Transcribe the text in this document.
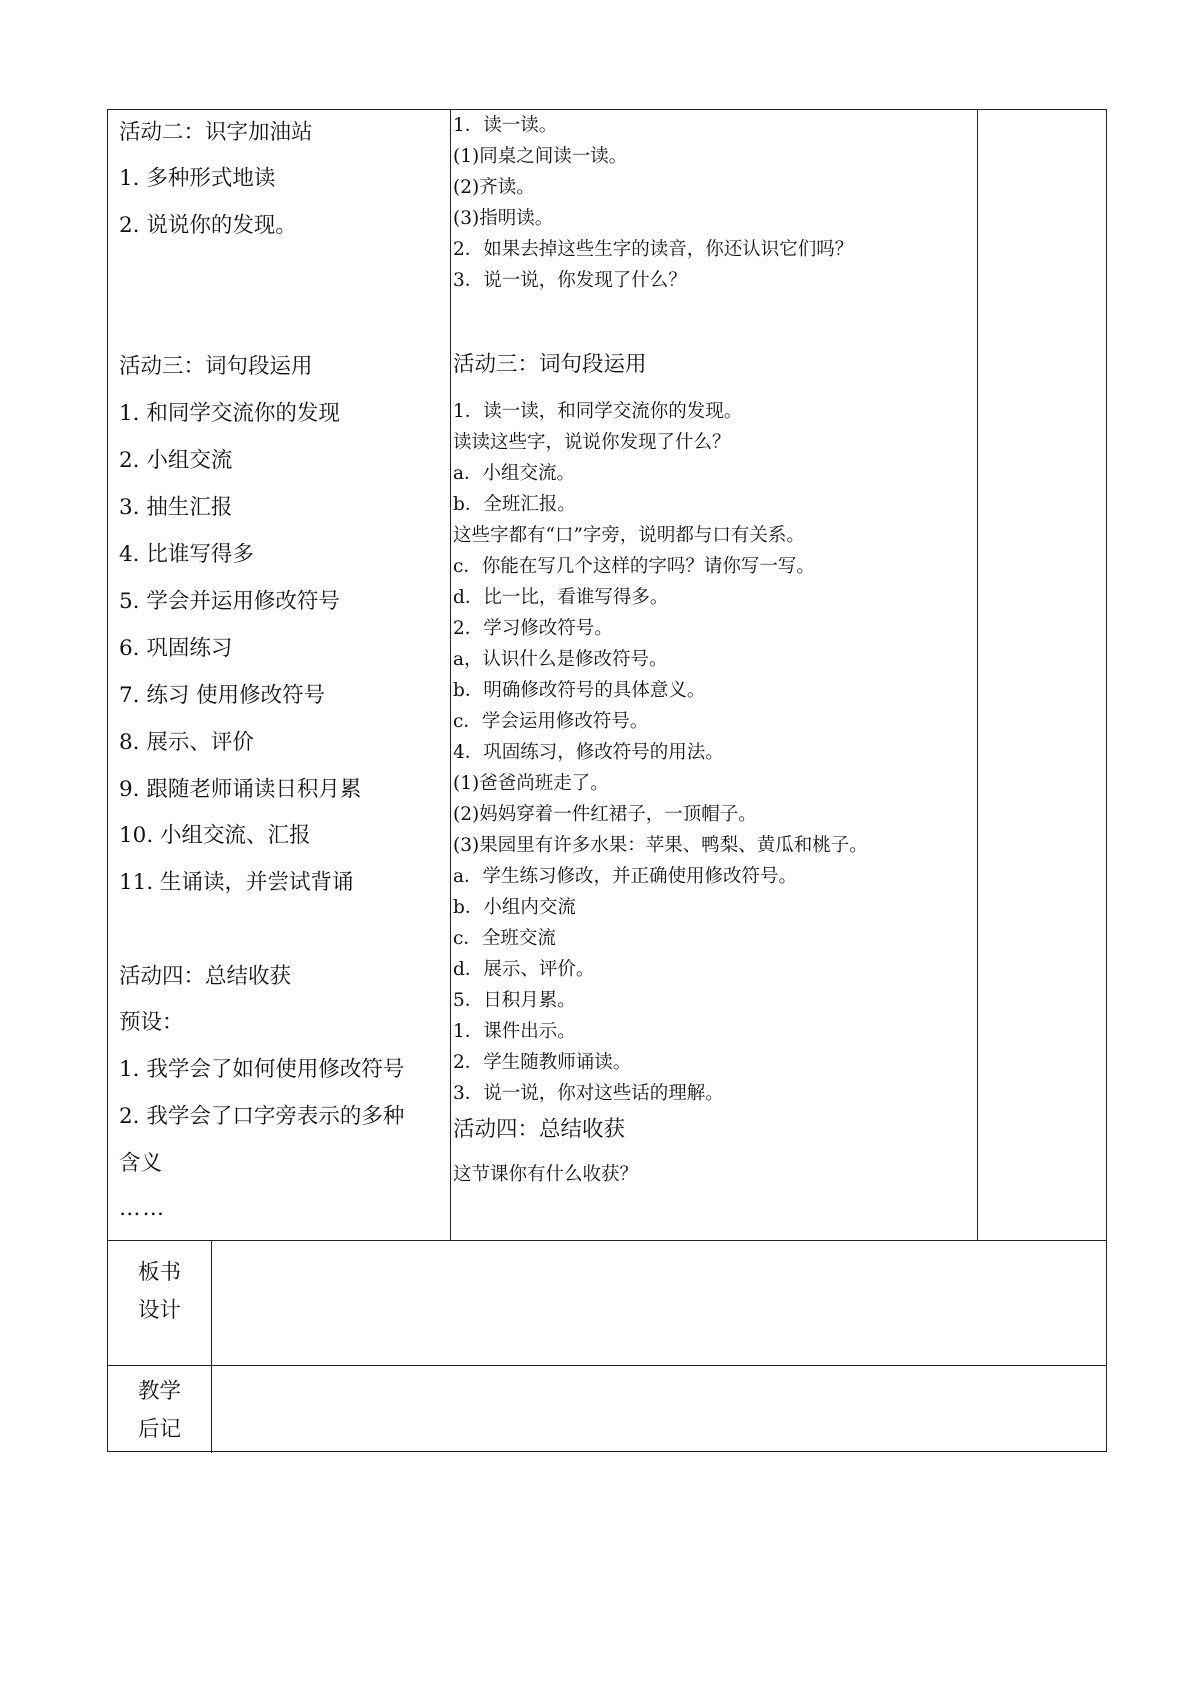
活动二：识字加油站
1. 多种形式地读
2. 说说你的发现。
活动三：词句段运用
1. 和同学交流你的发现
2. 小组交流
3. 抽生汇报
4. 比谁写得多
5. 学会并运用修改符号
6. 巩固练习
7. 练习 使用修改符号
8. 展示、评价
9. 跟随老师诵读日积月累
10. 小组交流、汇报
11. 生诵读，并尝试背诵
活动四：总结收获
预设：
1. 我学会了如何使用修改符号
2. 我学会了口字旁表示的多种
含义
……
1．读一读。
(1)同桌之间读一读。
(2)齐读。
(3)指明读。
2．如果去掉这些生字的读音，你还认识它们吗？
3．说一说，你发现了什么？
活动三：词句段运用
1．读一读，和同学交流你的发现。
读读这些字，说说你发现了什么？
a．小组交流。
b．全班汇报。
这些字都有“口”字旁，说明都与口有关系。
c．你能在写几个这样的字吗？请你写一写。
d．比一比，看谁写得多。
2．学习修改符号。
a，认识什么是修改符号。
b．明确修改符号的具体意义。
c．学会运用修改符号。
4．巩固练习，修改符号的用法。
(1)爸爸尚班走了。
(2)妈妈穿着一件红裙子，一顶帽子。
(3)果园里有许多水果：苹果、鸭梨、黄瓜和桃子。
a．学生练习修改，并正确使用修改符号。
b．小组内交流
c．全班交流
d．展示、评价。
5．日积月累。
1．课件出示。
2．学生随教师诵读。
3．说一说，你对这些话的理解。
活动四：总结收获
这节课你有什么收获？
板书
设计
教学
后记
